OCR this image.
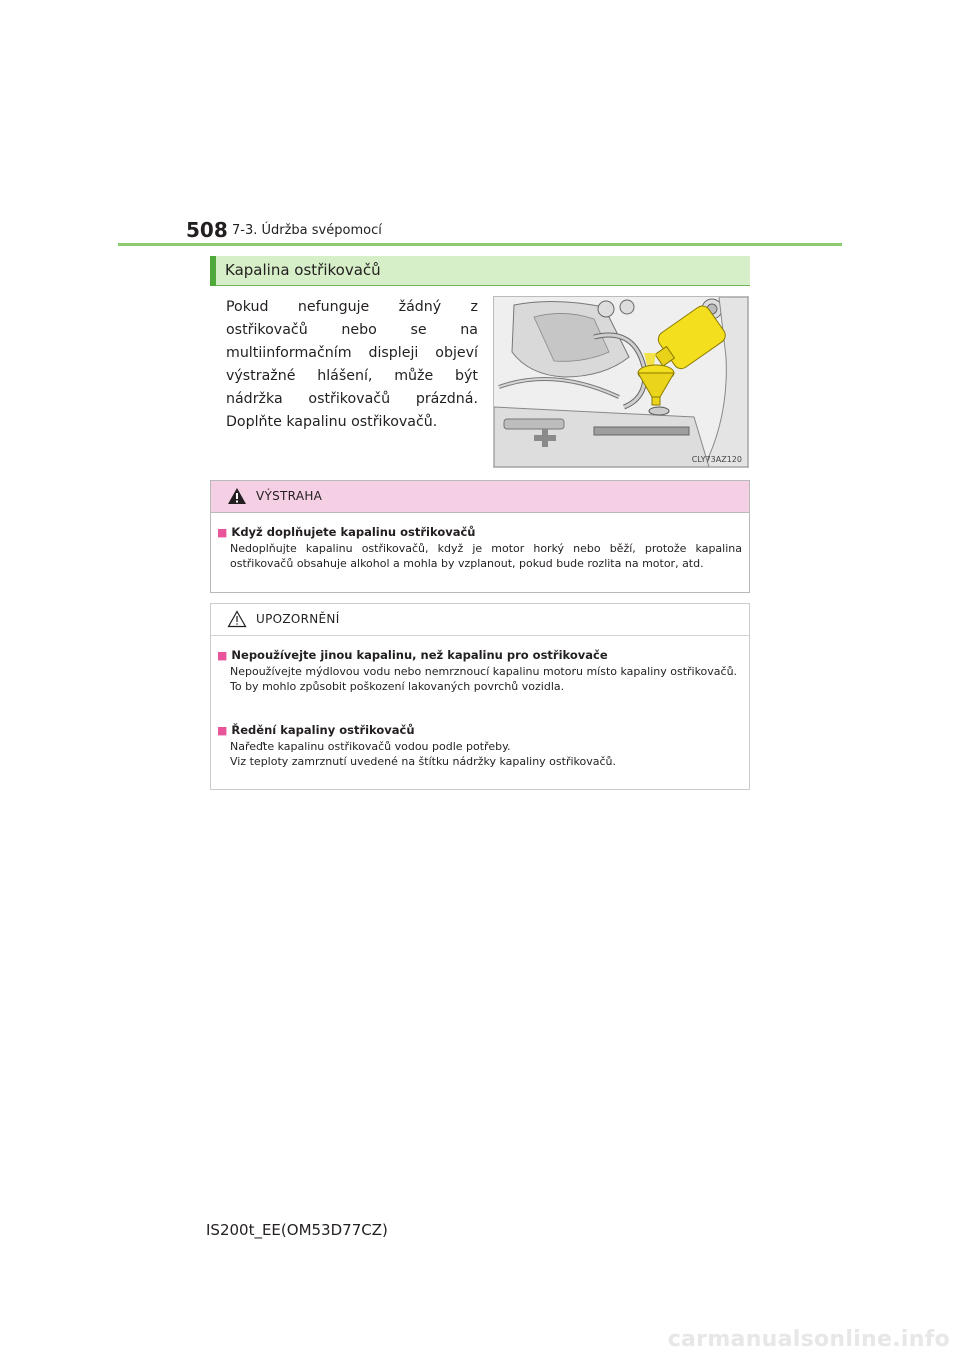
508 7-3. Údržba svépomocí
Kapalina ostřikovačů
Pokud nefunguje žádný z ostřikovačů nebo se na multiinformačním displeji objeví výstražné hlášení, může být nádržka ostřikovačů prázdná. Doplňte kapalinu ostřikovačů.
CLY73AZ120
VÝSTRAHA
■ Když doplňujete kapalinu ostřikovačů
Nedoplňujte kapalinu ostřikovačů, když je motor horký nebo běží, protože kapalina ostřikovačů obsahuje alkohol a mohla by vzplanout, pokud bude rozlita na motor, atd.
UPOZORNĚNÍ
■ Nepoužívejte jinou kapalinu, než kapalinu pro ostřikovače
Nepoužívejte mýdlovou vodu nebo nemrznoucí kapalinu motoru místo kapaliny ostřikovačů.
To by mohlo způsobit poškození lakovaných povrchů vozidla.
■ Ředění kapaliny ostřikovačů
Nařeďte kapalinu ostřikovačů vodou podle potřeby.
Viz teploty zamrznutí uvedené na štítku nádržky kapaliny ostřikovačů.
IS200t_EE(OM53D77CZ)
carmanualsonline.info
